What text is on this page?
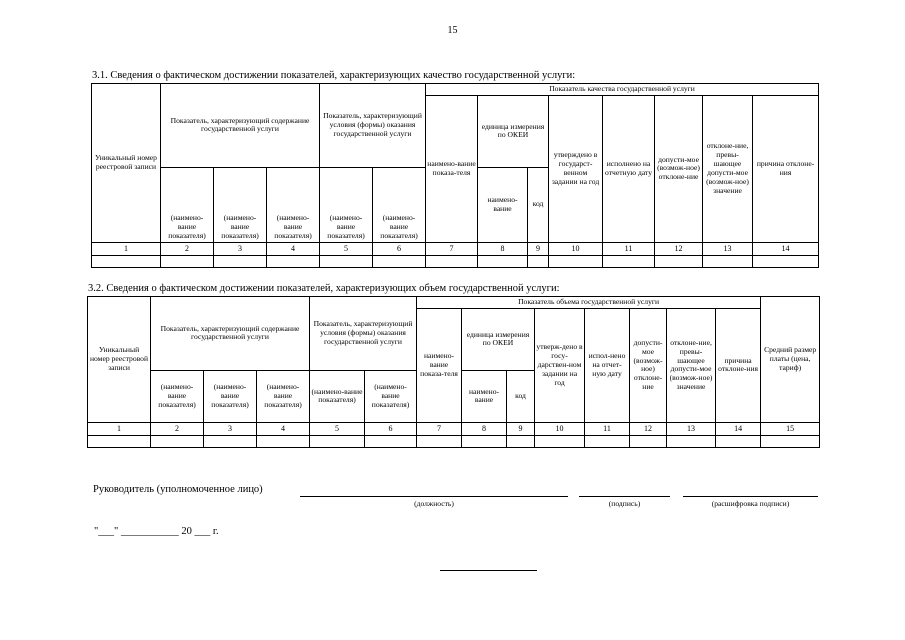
15
3.1. Сведения о фактическом достижении показателей, характеризующих качество государственной услуги:
Уникальный номер реестровой записи	Показатель, характеризующий содержание государственной услуги			Показатель, характеризующий условия (формы) оказания государственной услуги		Показатель качества государственной услуги							
						наимено-вание показа-теля	единица измерения по ОКЕИ		утверждено в государст-венном задании на год	исполнено на отчетную дату	допусти-мое (возмож-ное) отклоне-ние	отклоне-ние, превы-шающее допусти-мое (возмож-ное) значение	причина отклоне-ния
	(наимено-вание показателя)	(наимено-вание показателя)	(наимено-вание показателя)	(наимено-вание показателя)	(наимено-вание показателя)		наимено-вание	код					
1	2	3	4	5	6	7	8	9	10	11	12	13	14

3.2. Сведения о фактическом достижении показателей, характеризующих объем государственной услуги:
Уникальный номер реестровой записи	Показатель, характеризующий содержание государственной услуги			Показатель, характеризующий условия (формы) оказания государственной услуги		Показатель объема государственной услуги								Средний размер платы (цена, тариф)
						наимено-вание показа-теля	единица измерения по ОКЕИ		утверж-дено в госу-дарствен-ном задании на год	испол-нено на отчет-ную дату	допусти-мое (возмож-ное) отклоне-ние	отклоне-ние, превы-шающее допусти-мое (возмож-ное) значение	причина отклоне-ния	
	(наимено-вание показателя)	(наимено-вание показателя)	(наимено-вание показателя)	(наимено-вание показателя)	(наимено-вание показателя)		наимено-вание	код						
1	2	3	4	5	6	7	8	9	10	11	12	13	14	15

Руководитель (уполномоченное лицо)
(должность)	(подпись)	(расшифровка подписи)
"___" ___________ 20 ___ г.
